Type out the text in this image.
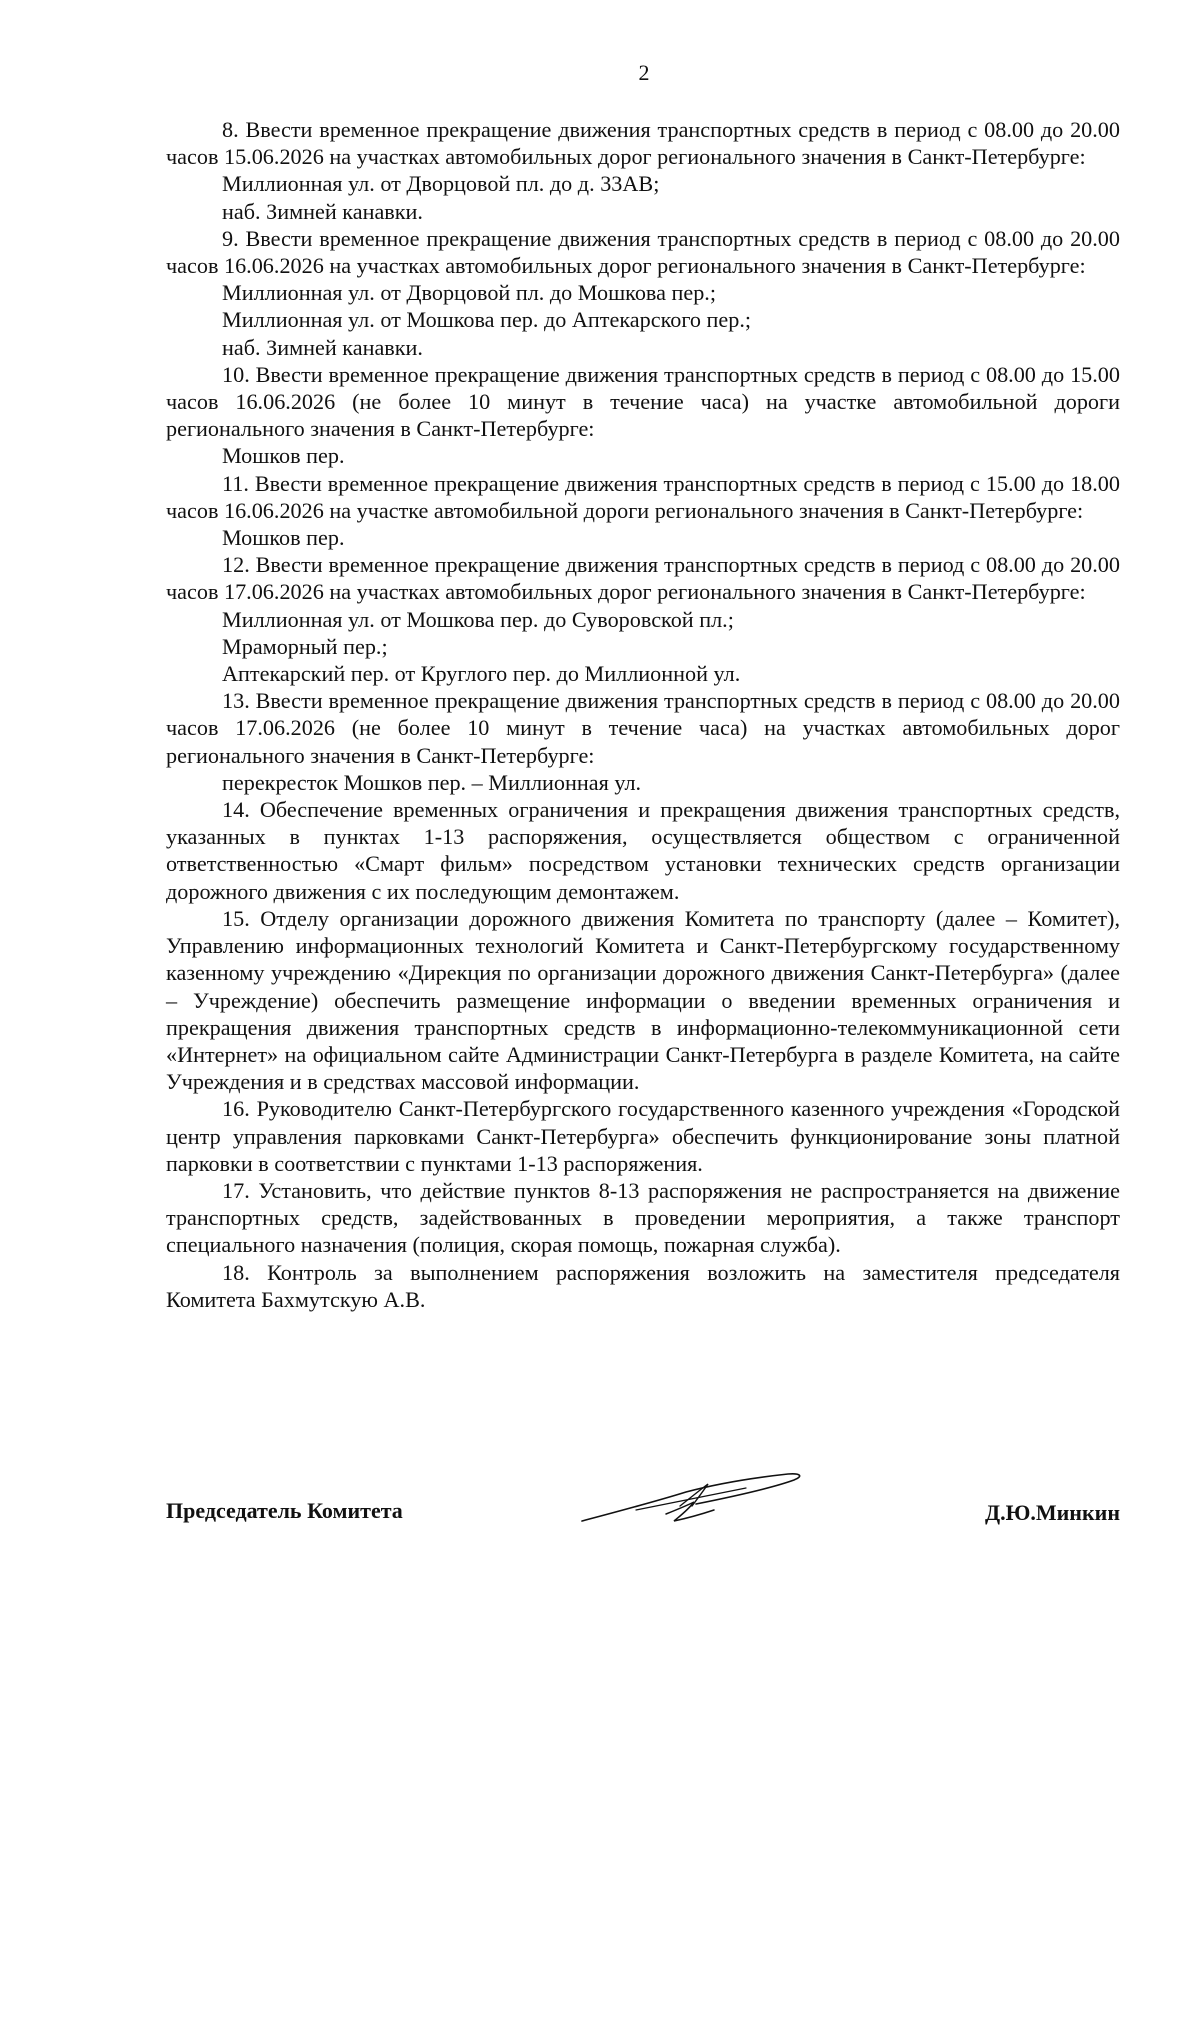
2
8. Ввести временное прекращение движения транспортных средств в период с 08.00 до 20.00 часов 15.06.2026 на участках автомобильных дорог регионального значения в Санкт-Петербурге:
Миллионная ул. от Дворцовой пл. до д. 33АВ;
наб. Зимней канавки.
9. Ввести временное прекращение движения транспортных средств в период с 08.00 до 20.00 часов 16.06.2026 на участках автомобильных дорог регионального значения в Санкт-Петербурге:
Миллионная ул. от Дворцовой пл. до Мошкова пер.;
Миллионная ул. от Мошкова пер. до Аптекарского пер.;
наб. Зимней канавки.
10. Ввести временное прекращение движения транспортных средств в период с 08.00 до 15.00 часов 16.06.2026 (не более 10 минут в течение часа) на участке автомобильной дороги регионального значения в Санкт-Петербурге:
Мошков пер.
11. Ввести временное прекращение движения транспортных средств в период с 15.00 до 18.00 часов 16.06.2026 на участке автомобильной дороги регионального значения в Санкт-Петербурге:
Мошков пер.
12. Ввести временное прекращение движения транспортных средств в период с 08.00 до 20.00 часов 17.06.2026 на участках автомобильных дорог регионального значения в Санкт-Петербурге:
Миллионная ул. от Мошкова пер. до Суворовской пл.;
Мраморный пер.;
Аптекарский пер. от Круглого пер. до Миллионной ул.
13. Ввести временное прекращение движения транспортных средств в период с 08.00 до 20.00 часов 17.06.2026 (не более 10 минут в течение часа) на участках автомобильных дорог регионального значения в Санкт-Петербурге:
перекресток Мошков пер. – Миллионная ул.
14. Обеспечение временных ограничения и прекращения движения транспортных средств, указанных в пунктах 1-13 распоряжения, осуществляется обществом с ограниченной ответственностью «Смарт фильм» посредством установки технических средств организации дорожного движения с их последующим демонтажем.
15. Отделу организации дорожного движения Комитета по транспорту (далее – Комитет), Управлению информационных технологий Комитета и Санкт-Петербургскому государственному казенному учреждению «Дирекция по организации дорожного движения Санкт-Петербурга» (далее – Учреждение) обеспечить размещение информации о введении временных ограничения и прекращения движения транспортных средств в информационно-телекоммуникационной сети «Интернет» на официальном сайте Администрации Санкт-Петербурга в разделе Комитета, на сайте Учреждения и в средствах массовой информации.
16. Руководителю Санкт-Петербургского государственного казенного учреждения «Городской центр управления парковками Санкт-Петербурга» обеспечить функционирование зоны платной парковки в соответствии с пунктами 1-13 распоряжения.
17. Установить, что действие пунктов 8-13 распоряжения не распространяется на движение транспортных средств, задействованных в проведении мероприятия, а также транспорт специального назначения (полиция, скорая помощь, пожарная служба).
18. Контроль за выполнением распоряжения возложить на заместителя председателя Комитета Бахмутскую А.В.
Председатель Комитета	Д.Ю.Минкин
